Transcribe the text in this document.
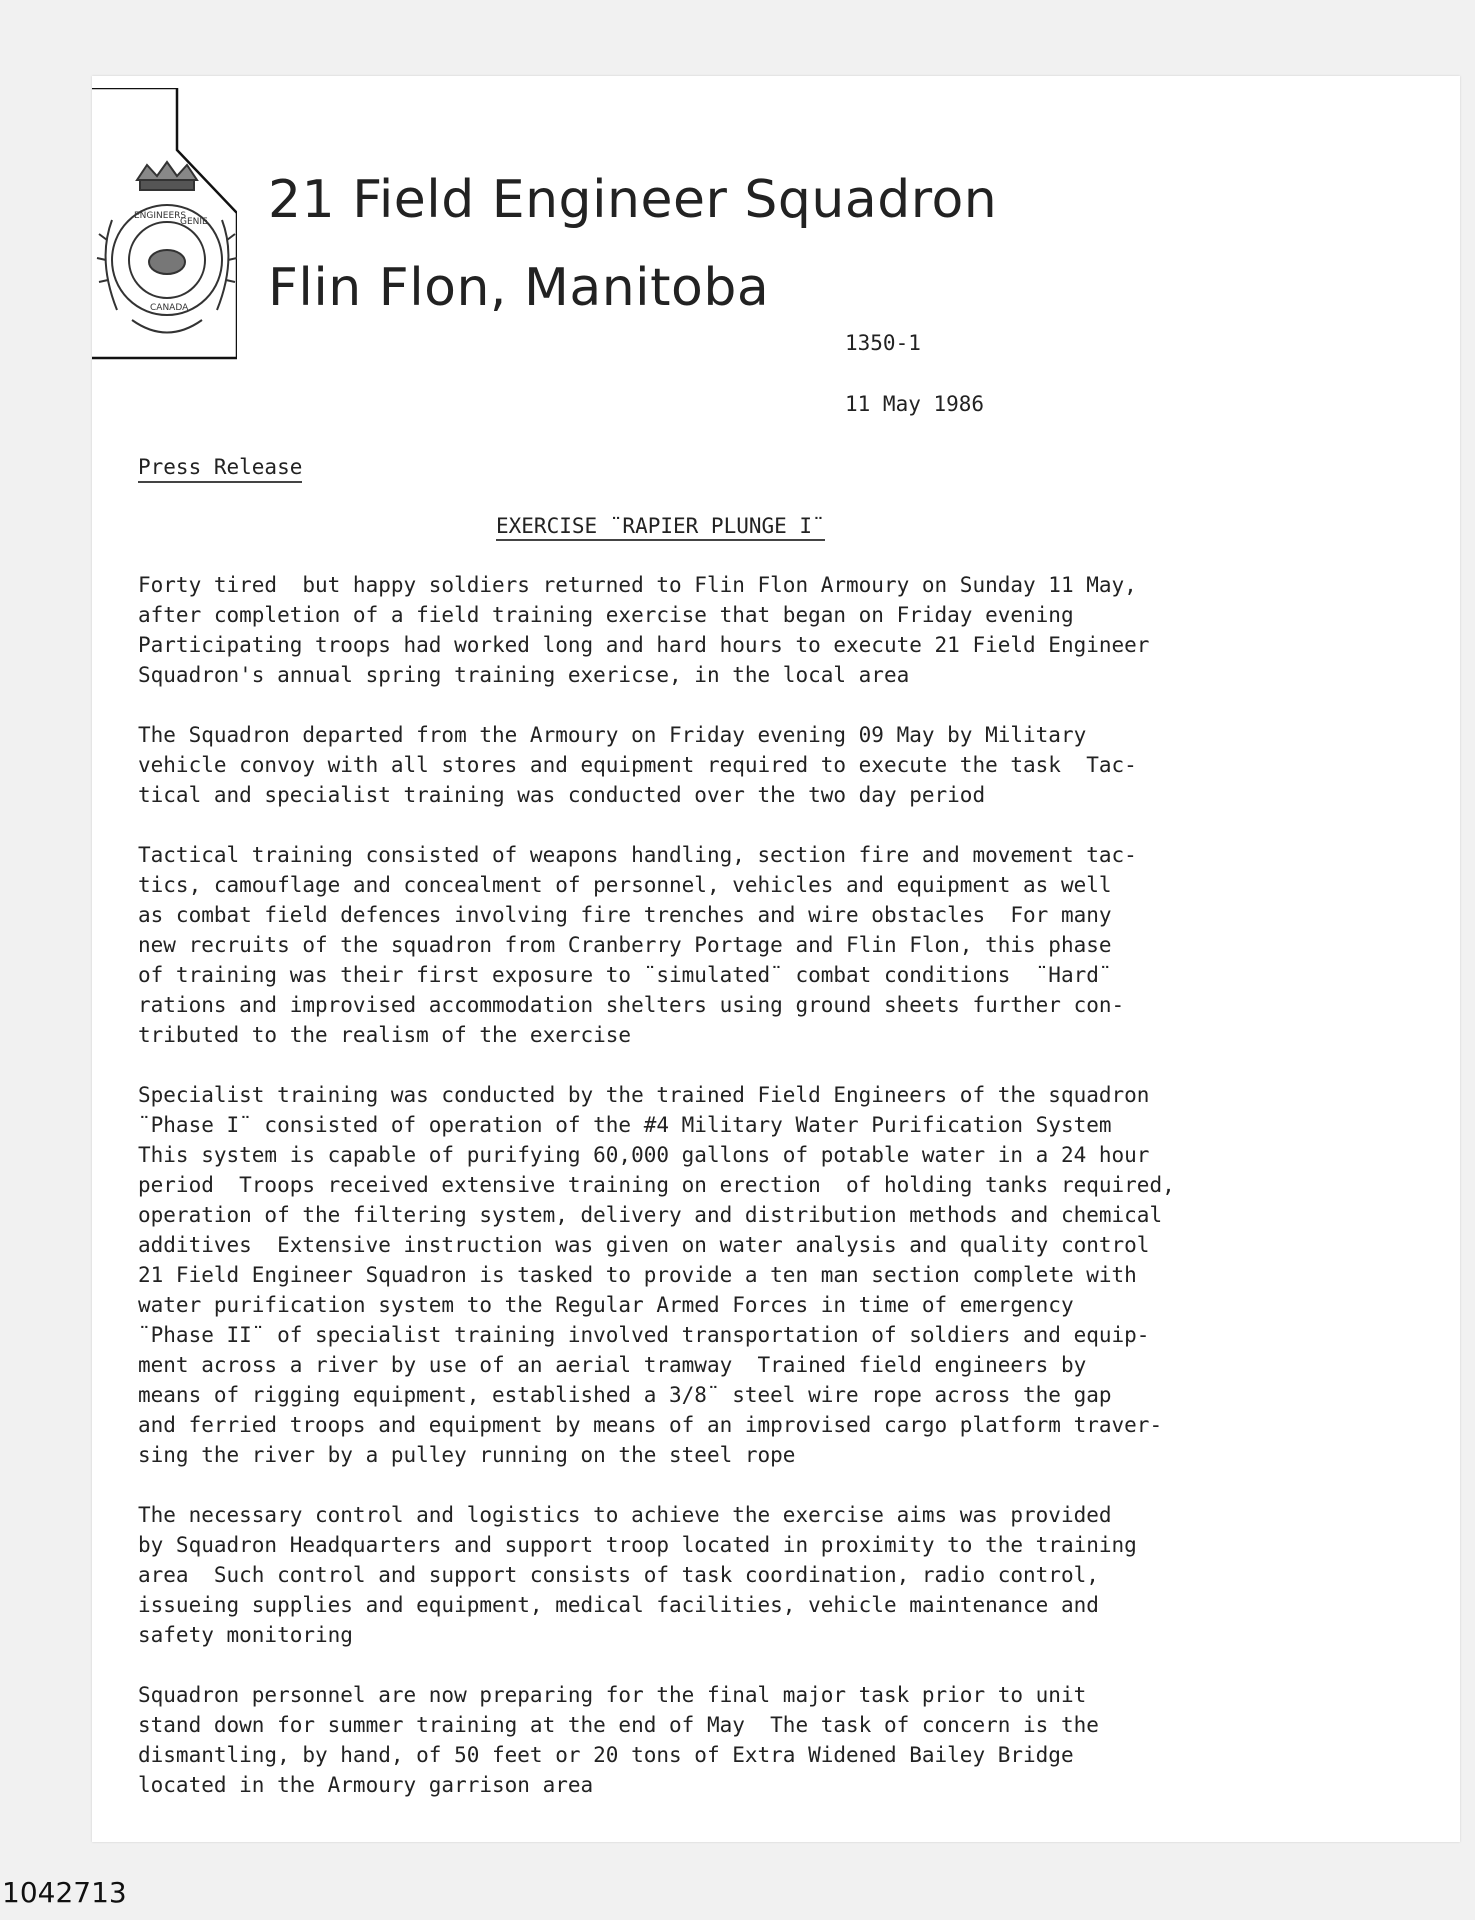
ENGINEERS
GENIE
CANADA
21 Field Engineer Squadron
Flin Flon, Manitoba
1350-1
11 May 1986
Press Release
EXERCISE ¨RAPIER PLUNGE I¨
Forty tired  but happy soldiers returned to Flin Flon Armoury on Sunday 11 May,
after completion of a field training exercise that began on Friday evening
Participating troops had worked long and hard hours to execute 21 Field Engineer
Squadron's annual spring training exericse, in the local area
The Squadron departed from the Armoury on Friday evening 09 May by Military
vehicle convoy with all stores and equipment required to execute the task  Tac-
tical and specialist training was conducted over the two day period
Tactical training consisted of weapons handling, section fire and movement tac-
tics, camouflage and concealment of personnel, vehicles and equipment as well
as combat field defences involving fire trenches and wire obstacles  For many
new recruits of the squadron from Cranberry Portage and Flin Flon, this phase
of training was their first exposure to ¨simulated¨ combat conditions  ¨Hard¨
rations and improvised accommodation shelters using ground sheets further con-
tributed to the realism of the exercise
Specialist training was conducted by the trained Field Engineers of the squadron
¨Phase I¨ consisted of operation of the #4 Military Water Purification System
This system is capable of purifying 60,000 gallons of potable water in a 24 hour
period  Troops received extensive training on erection  of holding tanks required,
operation of the filtering system, delivery and distribution methods and chemical
additives  Extensive instruction was given on water analysis and quality control
21 Field Engineer Squadron is tasked to provide a ten man section complete with
water purification system to the Regular Armed Forces in time of emergency
¨Phase II¨ of specialist training involved transportation of soldiers and equip-
ment across a river by use of an aerial tramway  Trained field engineers by
means of rigging equipment, established a 3/8¨ steel wire rope across the gap
and ferried troops and equipment by means of an improvised cargo platform traver-
sing the river by a pulley running on the steel rope
The necessary control and logistics to achieve the exercise aims was provided
by Squadron Headquarters and support troop located in proximity to the training
area  Such control and support consists of task coordination, radio control,
issueing supplies and equipment, medical facilities, vehicle maintenance and
safety monitoring
Squadron personnel are now preparing for the final major task prior to unit
stand down for summer training at the end of May  The task of concern is the
dismantling, by hand, of 50 feet or 20 tons of Extra Widened Bailey Bridge
located in the Armoury garrison area
1042713
